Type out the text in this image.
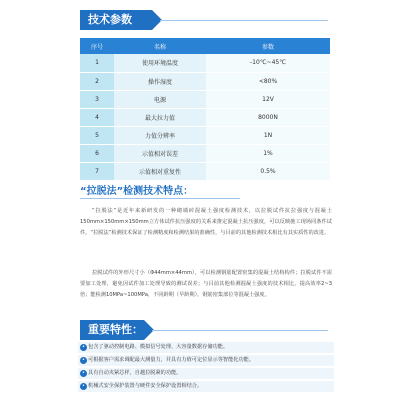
技术参数
序号	名称	参数
1	使用环境温度	-10℃~45℃
2	操作湿度	<80%
3	电源	12V
4	最大拉力值	8000N
5	力值分辨率	1N
6	示值相对误差	1%
7	示值相对重复性	0.5%
“拉脱法”检测技术特点：

“拉脱法”是近年来新研发的一种砌墙砖混凝土强度检测技术，以拉脱试件抗拉强度与混凝土150mm×150mm×150mm立方体试件抗压强度的关系来推定混凝土抗压强度，可以反映施工现场同条件试件。“拉脱法”检测技术保证了检测精度和检测结果的准确性，与目前的其他检测技术相比有其实质性的改进。

拉脱试件的外形尺寸小（Φ44mm×44mm），可以检测钢筋配置密集的混凝土结构构件；拉脱试件不需要加工处理，避免因试件加工处理导致的测试误差；与目前其他检测混凝土强度的技术相比，提高效率2~3倍；能检测10MPa~100MPa，不同龄期（早龄期），钢筋密集部位等混凝土强度。

重要特性：
• 包含了驱动控制电路、模拟信号处理、大容量数据存储功能。
• 可根据客户需求调配最大测量力，并具有力值可定位显示等智能化功能。
• 具有自动夹紧芯样，自越拉脱紧的功能。
• 机械式安全保护装置与硬件安全保护设置相结合。
